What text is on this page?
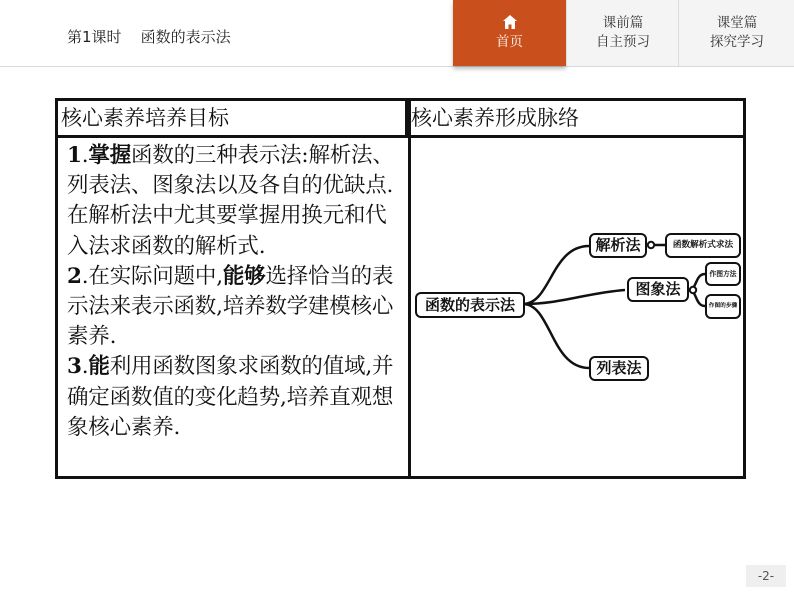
第1课时    函数的表示法	首页
课前篇
自主预习
课堂篇
探究学习
核心素养培养目标	核心素养形成脉络

1.掌握函数的三种表示法:解析法、列表法、图象法以及各自的优缺点.在解析法中尤其要掌握用换元和代入法求函数的解析式.

2.在实际问题中,能够选择恰当的表示法来表示函数,培养数学建模核心素养.

3.能利用函数图象求函数的值域,并确定函数值的变化趋势,培养直观想象核心素养.

函数的表示法
解析法	函数解析式求法
图象法
作图方法
作图的步骤
列表法
-2-
